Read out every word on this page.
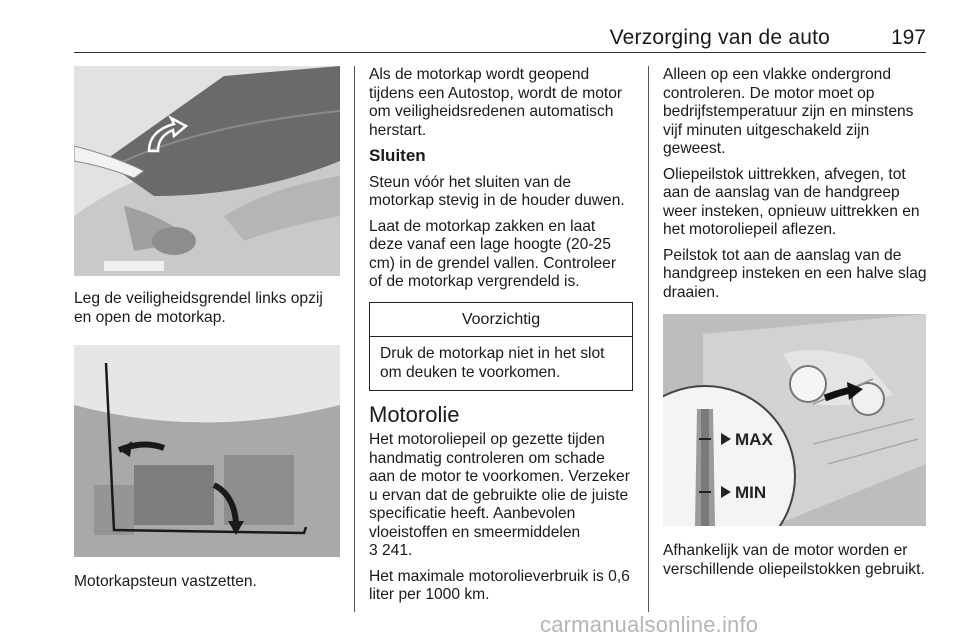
Verzorging van de auto	197

Leg de veiligheidsgrendel links opzij en open de motorkap.

Motorkapsteun vastzetten.

Als de motorkap wordt geopend tijdens een Autostop, wordt de motor om veiligheidsredenen automatisch herstart.

Sluiten

Steun vóór het sluiten van de motorkap stevig in de houder duwen.

Laat de motorkap zakken en laat deze vanaf een lage hoogte (20-25 cm) in de grendel vallen. Controleer of de motorkap vergrendeld is.

Voorzichtig
Druk de motorkap niet in het slot om deuken te voorkomen.
Motorolie

Het motoroliepeil op gezette tijden handmatig controleren om schade aan de motor te voorkomen. Verzeker u ervan dat de gebruikte olie de juiste specificatie heeft. Aanbevolen vloeistoffen en smeermiddelen

3 241.

Het maximale motorolieverbruik is 0,6 liter per 1000 km.

Alleen op een vlakke ondergrond controleren. De motor moet op bedrijfstemperatuur zijn en minstens vijf minuten uitgeschakeld zijn geweest.

Oliepeilstok uittrekken, afvegen, tot aan de aanslag van de handgreep weer insteken, opnieuw uittrekken en het motoroliepeil aflezen.

Peilstok tot aan de aanslag van de handgreep insteken en een halve slag draaien.

MAX
MIN

Afhankelijk van de motor worden er verschillende oliepeilstokken gebruikt.

carmanualsonline.info
